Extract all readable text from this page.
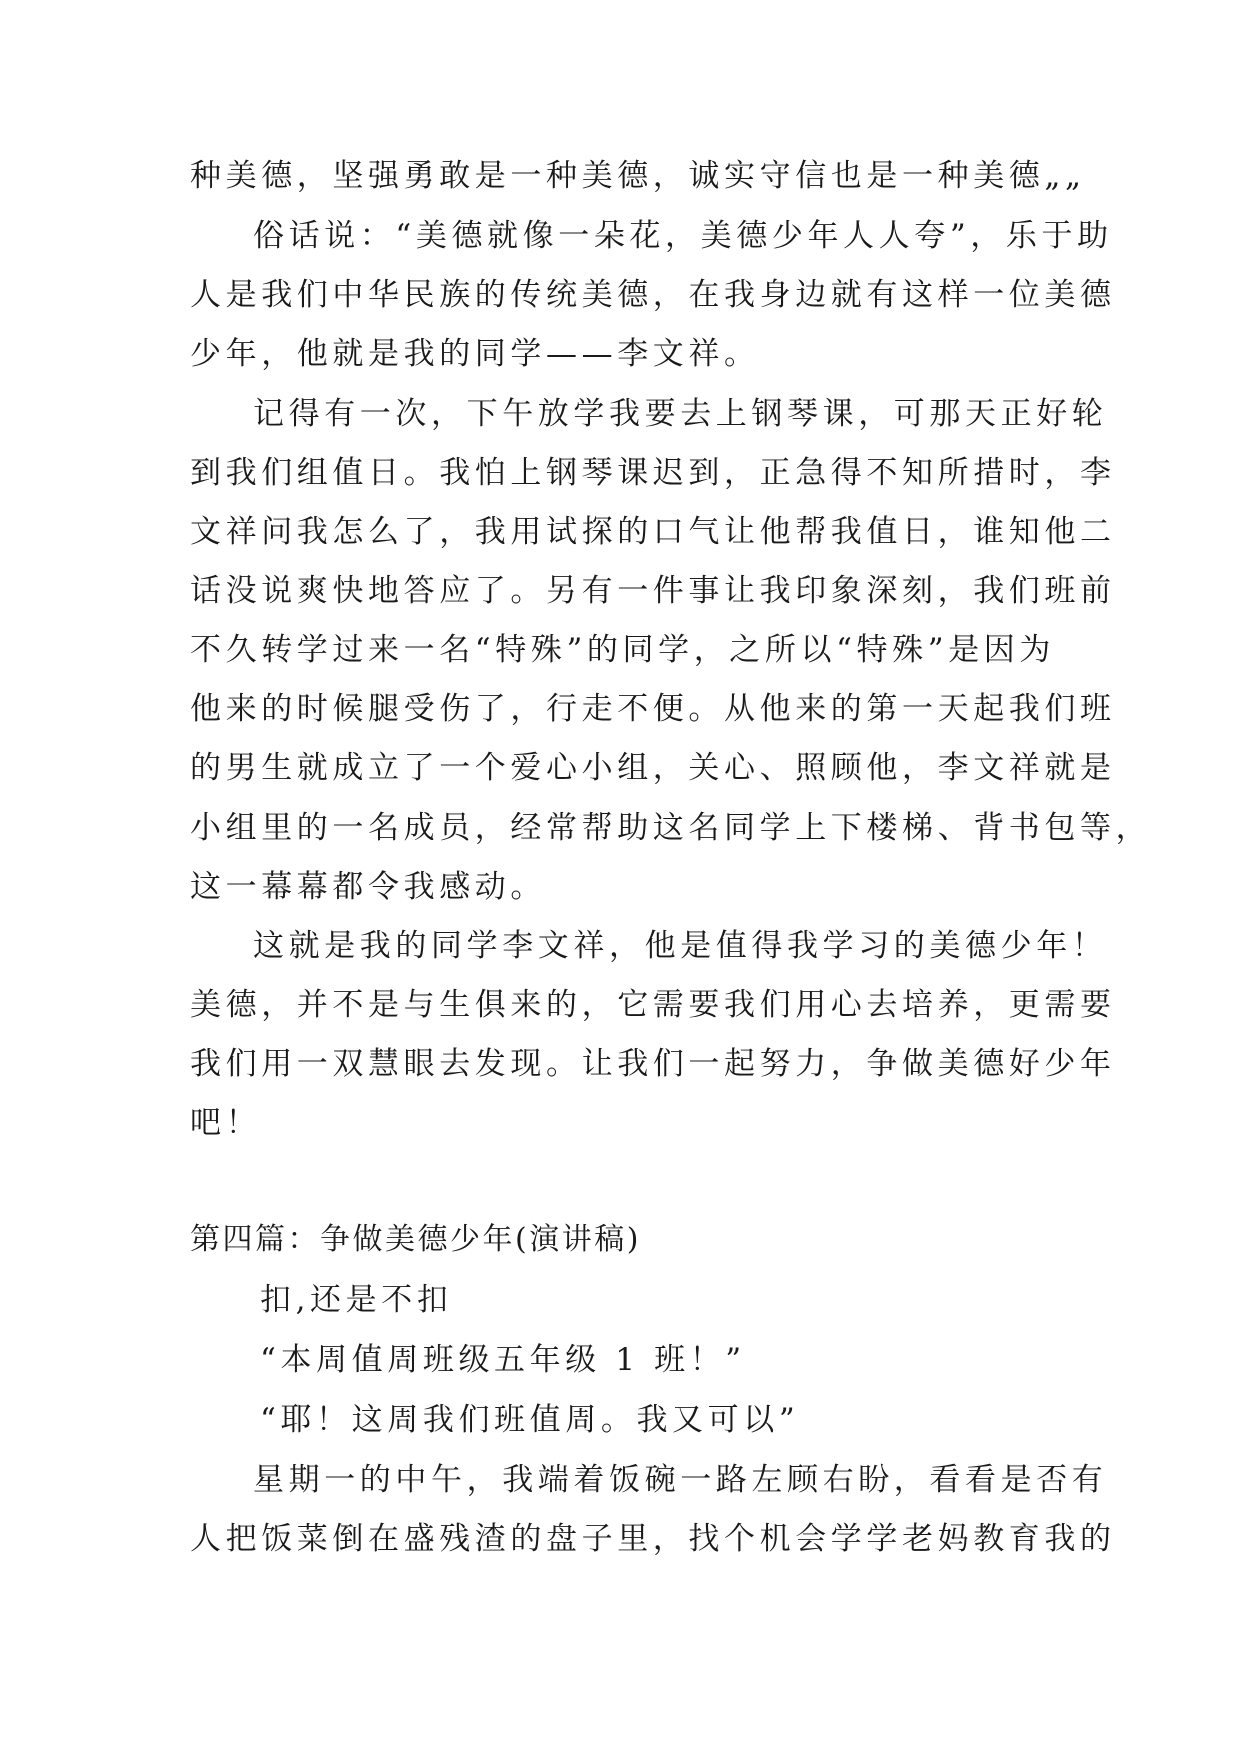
种美德，坚强勇敢是一种美德，诚实守信也是一种美德„„
俗话说：“美德就像一朵花，美德少年人人夸”，乐于助
人是我们中华民族的传统美德，在我身边就有这样一位美德
少年，他就是我的同学——李文祥。
记得有一次，下午放学我要去上钢琴课，可那天正好轮
到我们组值日。我怕上钢琴课迟到，正急得不知所措时，李
文祥问我怎么了，我用试探的口气让他帮我值日，谁知他二
话没说爽快地答应了。另有一件事让我印象深刻，我们班前
不久转学过来一名“特殊”的同学，之所以“特殊”是因为
他来的时候腿受伤了，行走不便。从他来的第一天起我们班
的男生就成立了一个爱心小组，关心、照顾他，李文祥就是
小组里的一名成员，经常帮助这名同学上下楼梯、背书包等，
这一幕幕都令我感动。
这就是我的同学李文祥，他是值得我学习的美德少年！
美德，并不是与生俱来的，它需要我们用心去培养，更需要
我们用一双慧眼去发现。让我们一起努力，争做美德好少年
吧！
第四篇：争做美德少年(演讲稿)
扣,还是不扣
“本周值周班级五年级 1 班！”
“耶！这周我们班值周。我又可以”
星期一的中午，我端着饭碗一路左顾右盼，看看是否有
人把饭菜倒在盛残渣的盘子里，找个机会学学老妈教育我的
